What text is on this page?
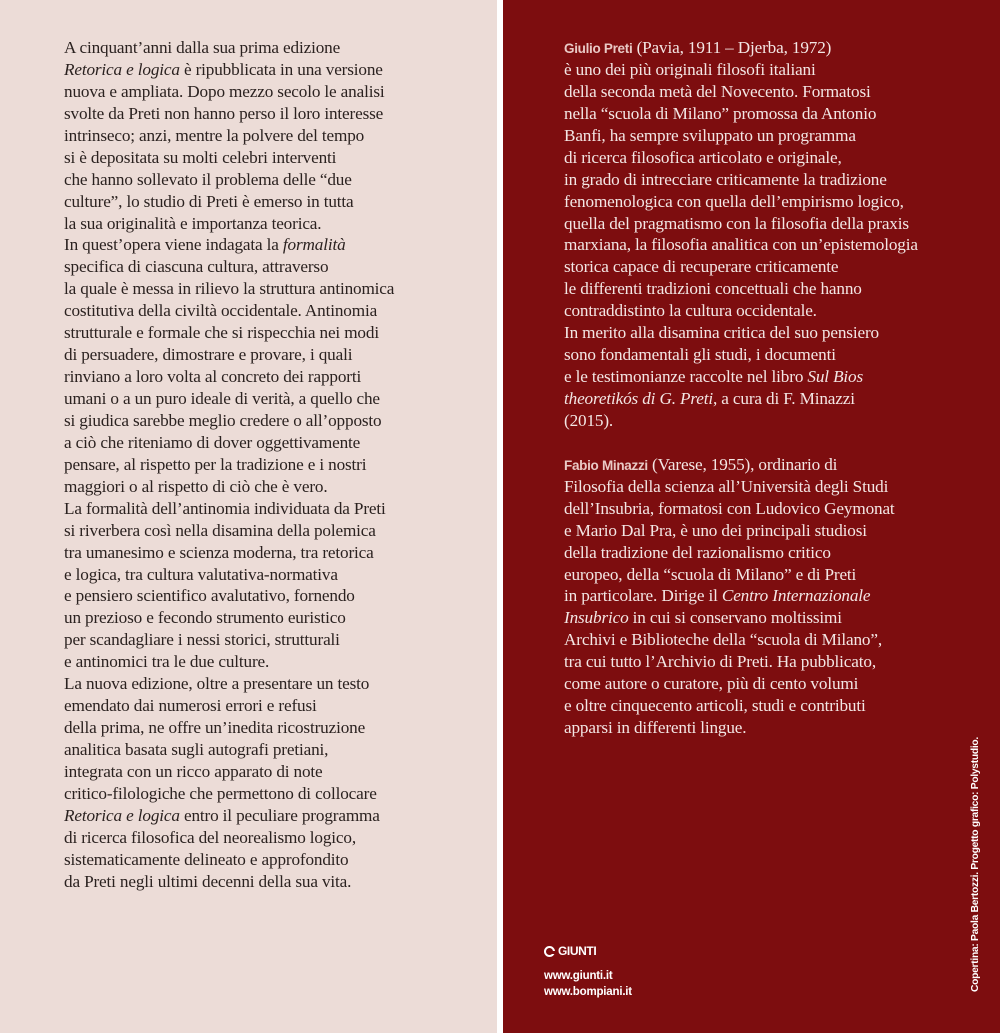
A cinquant’anni dalla sua prima edizione
Retorica e logica è ripubblicata in una versione
nuova e ampliata. Dopo mezzo secolo le analisi
svolte da Preti non hanno perso il loro interesse
intrinseco; anzi, mentre la polvere del tempo
si è depositata su molti celebri interventi
che hanno sollevato il problema delle “due
culture”, lo studio di Preti è emerso in tutta
la sua originalità e importanza teorica.
In quest’opera viene indagata la formalità
specifica di ciascuna cultura, attraverso
la quale è messa in rilievo la struttura antinomica
costitutiva della civiltà occidentale. Antinomia
strutturale e formale che si rispecchia nei modi
di persuadere, dimostrare e provare, i quali
rinviano a loro volta al concreto dei rapporti
umani o a un puro ideale di verità, a quello che
si giudica sarebbe meglio credere o all’opposto
a ciò che riteniamo di dover oggettivamente
pensare, al rispetto per la tradizione e i nostri
maggiori o al rispetto di ciò che è vero.
La formalità dell’antinomia individuata da Preti
si riverbera così nella disamina della polemica
tra umanesimo e scienza moderna, tra retorica
e logica, tra cultura valutativa-normativa
e pensiero scientifico avalutativo, fornendo
un prezioso e fecondo strumento euristico
per scandagliare i nessi storici, strutturali
e antinomici tra le due culture.
La nuova edizione, oltre a presentare un testo
emendato dai numerosi errori e refusi
della prima, ne offre un’inedita ricostruzione
analitica basata sugli autografi pretiani,
integrata con un ricco apparato di note
critico-filologiche che permettono di collocare
Retorica e logica entro il peculiare programma
di ricerca filosofica del neorealismo logico,
sistematicamente delineato e approfondito
da Preti negli ultimi decenni della sua vita.
Giulio Preti (Pavia, 1911 – Djerba, 1972)
è uno dei più originali filosofi italiani
della seconda metà del Novecento. Formatosi
nella “scuola di Milano” promossa da Antonio
Banfi, ha sempre sviluppato un programma
di ricerca filosofica articolato e originale,
in grado di intrecciare criticamente la tradizione
fenomenologica con quella dell’empirismo logico,
quella del pragmatismo con la filosofia della praxis
marxiana, la filosofia analitica con un’epistemologia
storica capace di recuperare criticamente
le differenti tradizioni concettuali che hanno
contraddistinto la cultura occidentale.
In merito alla disamina critica del suo pensiero
sono fondamentali gli studi, i documenti
e le testimonianze raccolte nel libro Sul Bios
theoretikós di G. Preti, a cura di F. Minazzi
(2015).
Fabio Minazzi (Varese, 1955), ordinario di
Filosofia della scienza all’Università degli Studi
dell’Insubria, formatosi con Ludovico Geymonat
e Mario Dal Pra, è uno dei principali studiosi
della tradizione del razionalismo critico
europeo, della “scuola di Milano” e di Preti
in particolare. Dirige il Centro Internazionale
Insubrico in cui si conservano moltissimi
Archivi e Biblioteche della “scuola di Milano”,
tra cui tutto l’Archivio di Preti. Ha pubblicato,
come autore o curatore, più di cento volumi
e oltre cinquecento articoli, studi e contributi
apparsi in differenti lingue.
GIUNTI
www.giunti.it
www.bompiani.it	Copertina: Paola Bertozzi. Progetto grafico: Polystudio.
